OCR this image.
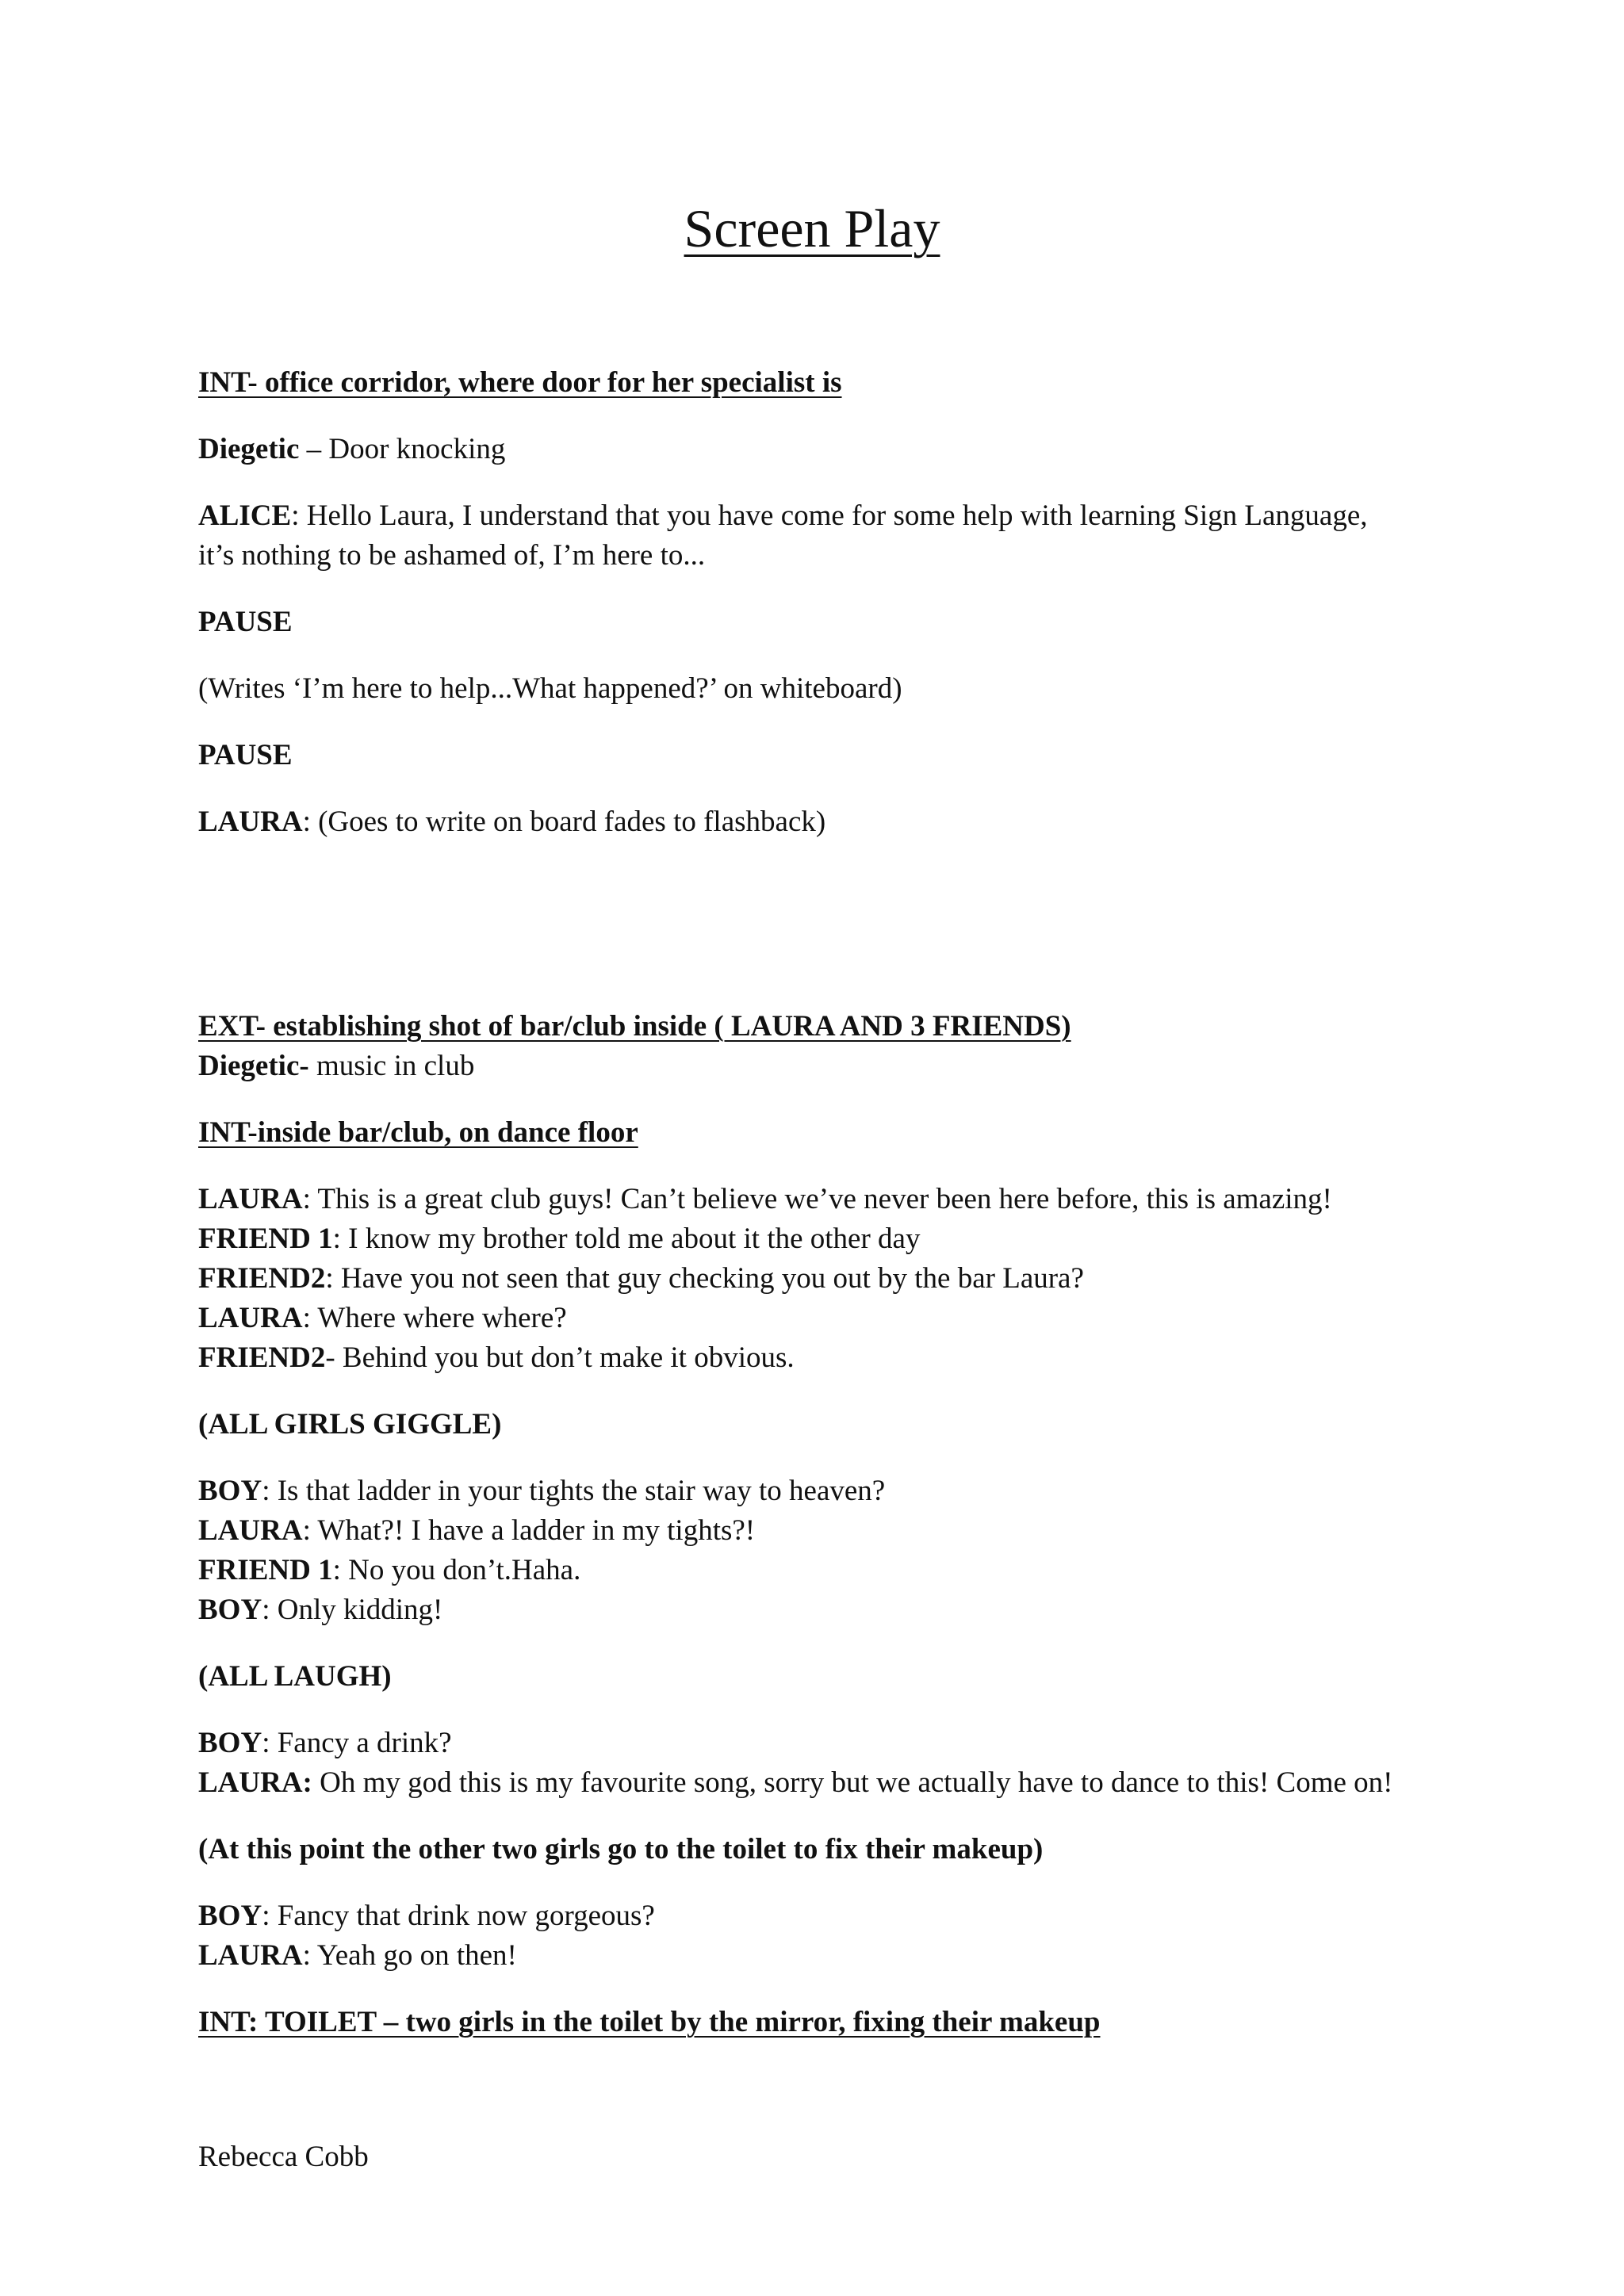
Screen Play
INT- office corridor, where door for her specialist is
Diegetic – Door knocking
ALICE: Hello Laura, I understand that you have come for some help with learning Sign Language,
it’s nothing to be ashamed of, I’m here to...
PAUSE
(Writes ‘I’m here to help...What happened?’ on whiteboard)
PAUSE
LAURA: (Goes to write on board fades to flashback)
EXT- establishing shot of bar/club inside ( LAURA AND 3 FRIENDS)
Diegetic- music in club
INT-inside bar/club, on dance floor
LAURA: This is a great club guys! Can’t believe we’ve never been here before, this is amazing!
FRIEND 1: I know my brother told me about it the other day
FRIEND2: Have you not seen that guy checking you out by the bar Laura?
LAURA: Where where where?
FRIEND2- Behind you but don’t make it obvious.
(ALL GIRLS GIGGLE)
BOY: Is that ladder in your tights the stair way to heaven?
LAURA: What?! I have a ladder in my tights?!
FRIEND 1: No you don’t.Haha.
BOY: Only kidding!
(ALL LAUGH)
BOY: Fancy a drink?
LAURA: Oh my god this is my favourite song, sorry but we actually have to dance to this! Come on!
(At this point the other two girls go to the toilet to fix their makeup)
BOY: Fancy that drink now gorgeous?
LAURA: Yeah go on then!
INT: TOILET – two girls in the toilet by the mirror, fixing their makeup
Rebecca Cobb
